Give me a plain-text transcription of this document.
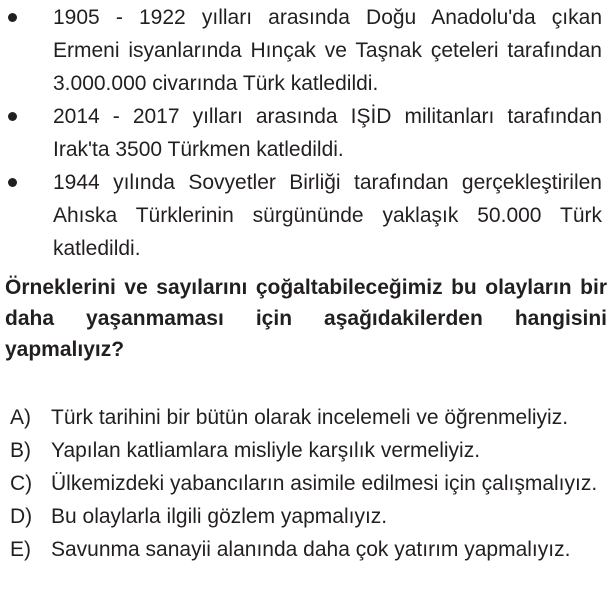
1905 - 1922 yılları arasında Doğu Anadolu'da çıkan Ermeni isyanlarında Hınçak ve Taşnak çeteleri tarafından 3.000.000 civarında Türk katledildi.
2014 - 2017 yılları arasında IŞİD militanları tarafından Irak'ta 3500 Türkmen katledildi.
1944 yılında Sovyetler Birliği tarafından gerçekleştirilen Ahıska Türklerinin sürgününde yaklaşık 50.000 Türk katledildi.
Örneklerini ve sayılarını çoğaltabileceğimiz bu olayların bir daha yaşanmaması için aşağıdakilerden hangisini yapmalıyız?
A) Türk tarihini bir bütün olarak incelemeli ve öğrenmeliyiz.
B) Yapılan katliamlara misliyle karşılık vermeliyiz.
C) Ülkemizdeki yabancıların asimile edilmesi için çalışmalıyız.
D) Bu olaylarla ilgili gözlem yapmalıyız.
E) Savunma sanayii alanında daha çok yatırım yapmalıyız.
